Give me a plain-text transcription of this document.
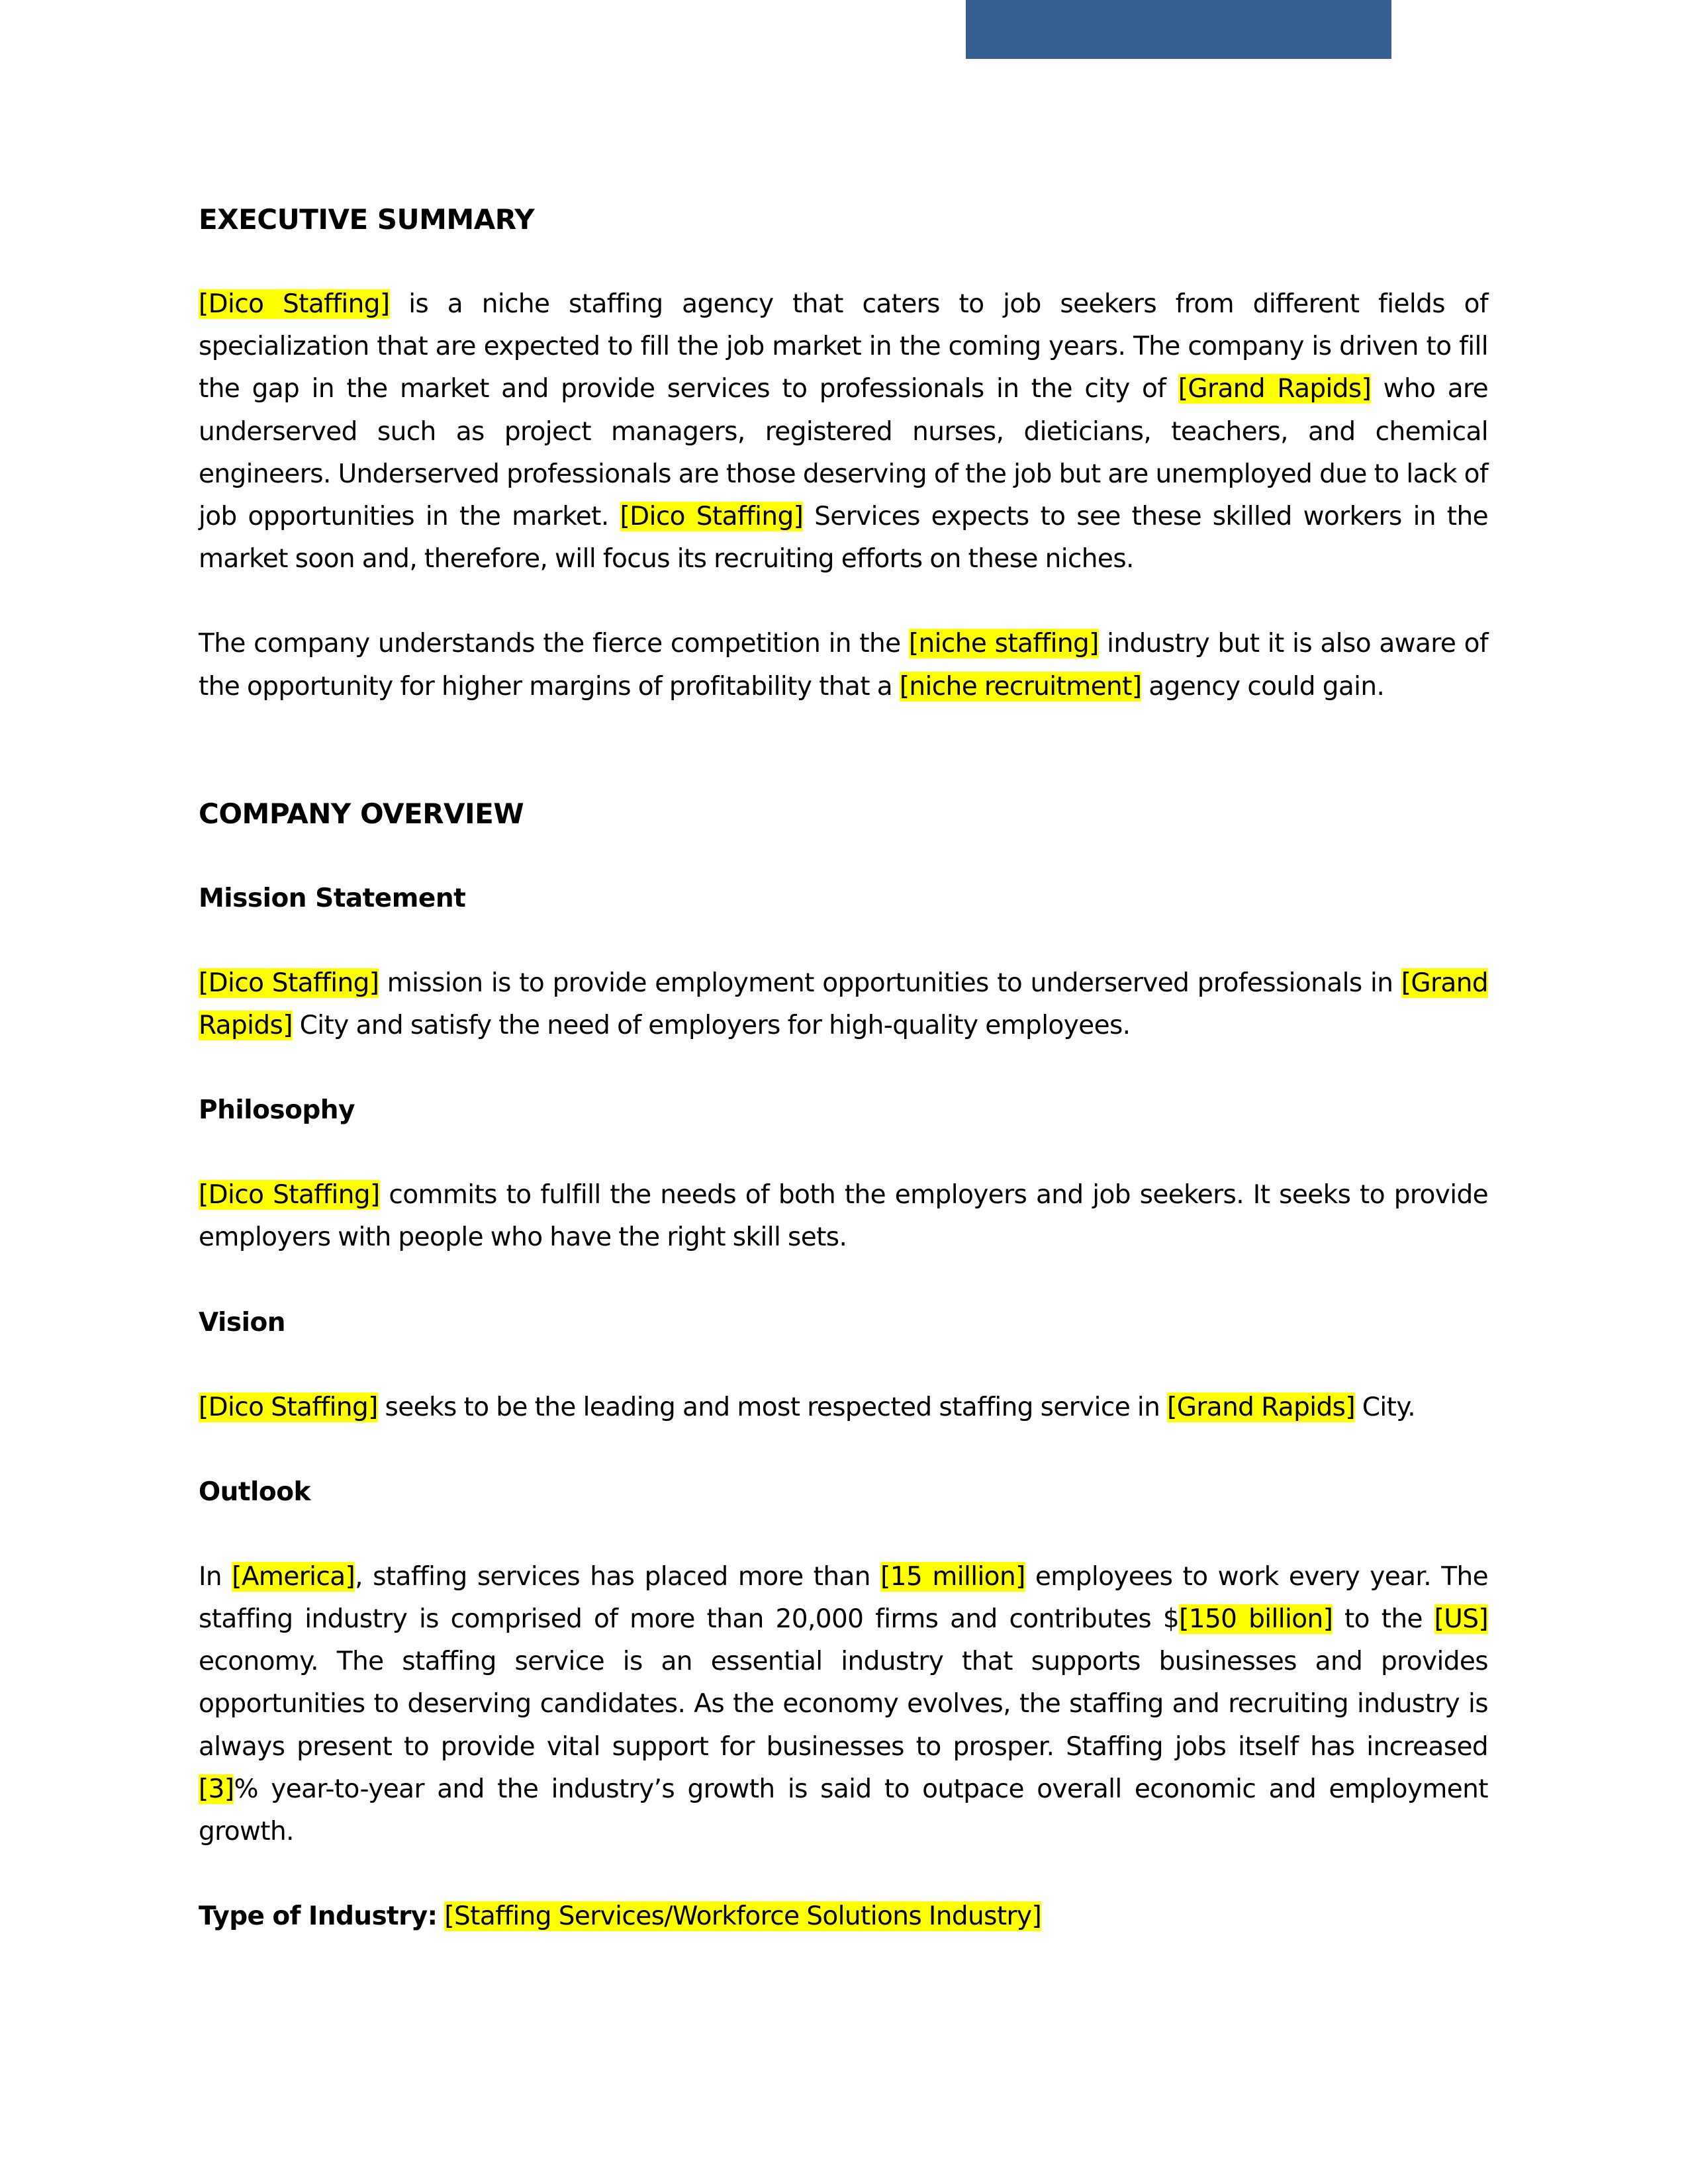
EXECUTIVE SUMMARY

[Dico Staffing] is a niche staffing agency that caters to job seekers from different fields of specialization that are expected to fill the job market in the coming years. The company is driven to fill the gap in the market and provide services to professionals in the city of [Grand Rapids] who are underserved such as project managers, registered nurses, dieticians, teachers, and chemical engineers. Underserved professionals are those deserving of the job but are unemployed due to lack of job opportunities in the market. [Dico Staffing] Services expects to see these skilled workers in the market soon and, therefore, will focus its recruiting efforts on these niches.

The company understands the fierce competition in the [niche staffing] industry but it is also aware of the opportunity for higher margins of profitability that a [niche recruitment] agency could gain.

COMPANY OVERVIEW
Mission Statement

[Dico Staffing] mission is to provide employment opportunities to underserved professionals in [Grand Rapids] City and satisfy the need of employers for high-quality employees.

Philosophy

[Dico Staffing] commits to fulfill the needs of both the employers and job seekers. It seeks to provide employers with people who have the right skill sets.

Vision

[Dico Staffing] seeks to be the leading and most respected staffing service in [Grand Rapids] City.

Outlook

In [America], staffing services has placed more than [15 million] employees to work every year. The staffing industry is comprised of more than 20,000 firms and contributes $[150 billion] to the [US] economy. The staffing service is an essential industry that supports businesses and provides opportunities to deserving candidates. As the economy evolves, the staffing and recruiting industry is always present to provide vital support for businesses to prosper. Staffing jobs itself has increased [3]% year-to-year and the industry’s growth is said to outpace overall economic and employment growth.

Type of Industry: [Staffing Services/Workforce Solutions Industry]
